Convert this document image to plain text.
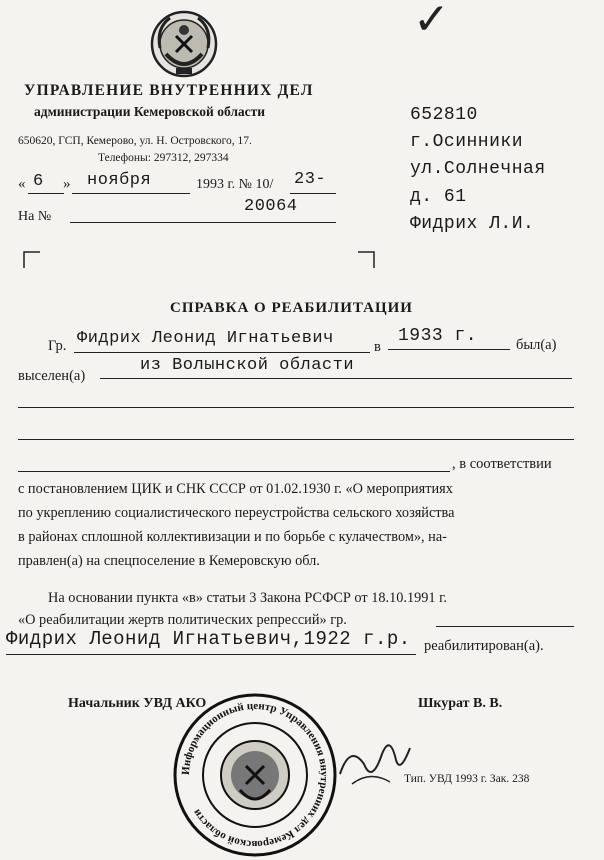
✓
УПРАВЛЕНИЕ ВНУТРЕННИХ ДЕЛ
администрации Кемеровской области
650620, ГСП, Кемерово, ул. Н. Островского, 17.
Телефоны: 297312, 297334
« 6 » ноября	1993 г. № 10/ 23-
На №
20064
652810
г.Осинники
ул.Солнечная
д. 61
Фидрих Л.И.
СПРАВКА О РЕАБИЛИТАЦИИ
Гр. Фидрих Леонид Игнатьевич	в
1933 г.	был(а)
выселен(а)
из Волынской области
, в соответствии
с постановлением ЦИК и СНК СССР от 01.02.1930 г. «О мероприятиях
по укреплению социалистического переустройства сельского хозяйства
в районах сплошной коллективизации и по борьбе с кулачеством», на-
правлен(а) на спецпоселение в Кемеровскую обл.
На основании пункта «в» статьи 3 Закона РСФСР от 18.10.1991 г.
«О реабилитации жертв политических репрессий» гр.
Фидрих Леонид Игнатьевич,1922 г.р. реабилитирован(а).
Начальник УВД АКО	Шкурат В. В.
Информационный центр Управления внутренних дел Кемеровской области
Тип. УВД 1993 г. Зак. 238
